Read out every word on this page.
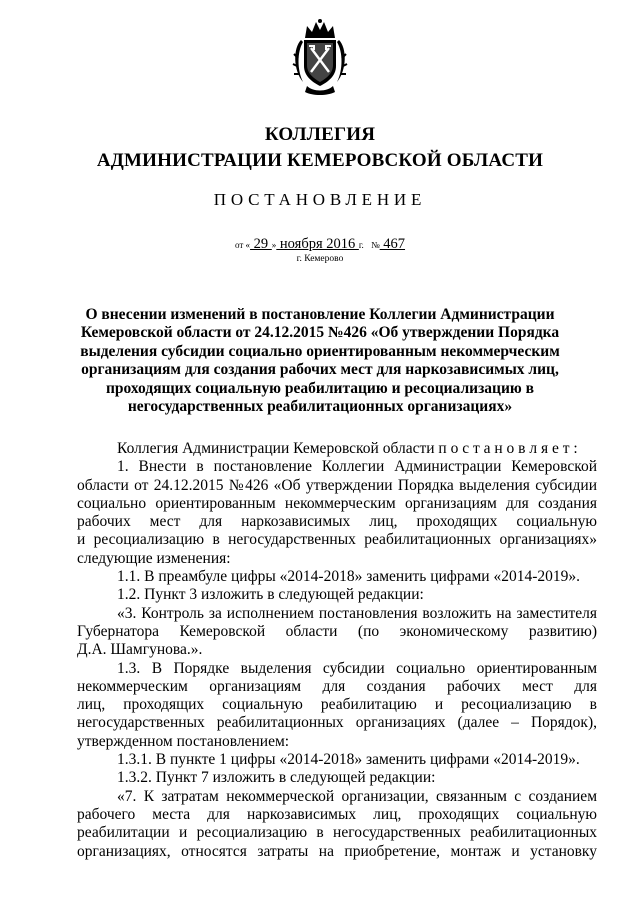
КОЛЛЕГИЯ
АДМИНИСТРАЦИИ КЕМЕРОВСКОЙ ОБЛАСТИ
ПОСТАНОВЛЕНИЕ
от « 29 » ноября 2016 г. № 467
г. Кемерово
О внесении изменений в постановление Коллегии Администрации
Кемеровской области от 24.12.2015 №426 «Об утверждении Порядка
выделения субсидии социально ориентированным некоммерческим
организациям для создания рабочих мест для наркозависимых лиц,
проходящих социальную реабилитацию и ресоциализацию в
негосударственных реабилитационных организациях»
Коллегия Администрации Кемеровской области п о с т а н о в л я е т :
1. Внести в постановление Коллегии Администрации Кемеровской
области от 24.12.2015 №426 «Об утверждении Порядка выделения субсидии
социально ориентированным некоммерческим организациям для создания
рабочих мест для наркозависимых лиц, проходящих социальную
и ресоциализацию в негосударственных реабилитационных организациях»
следующие изменения:
1.1. В преамбуле цифры «2014-2018» заменить цифрами «2014-2019».
1.2. Пункт 3 изложить в следующей редакции:
«3. Контроль за исполнением постановления возложить на заместителя
Губернатора Кемеровской области (по экономическому развитию)
Д.А. Шамгунова.».
1.3. В Порядке выделения субсидии социально ориентированным
некоммерческим организациям для создания рабочих мест для
лиц, проходящих социальную реабилитацию и ресоциализацию в
негосударственных реабилитационных организациях (далее – Порядок),
утвержденном постановлением:
1.3.1. В пункте 1 цифры «2014-2018» заменить цифрами «2014-2019».
1.3.2. Пункт 7 изложить в следующей редакции:
«7. К затратам некоммерческой организации, связанным с созданием
рабочего места для наркозависимых лиц, проходящих социальную
реабилитации и ресоциализацию в негосударственных реабилитационных
организациях, относятся затраты на приобретение, монтаж и установку
